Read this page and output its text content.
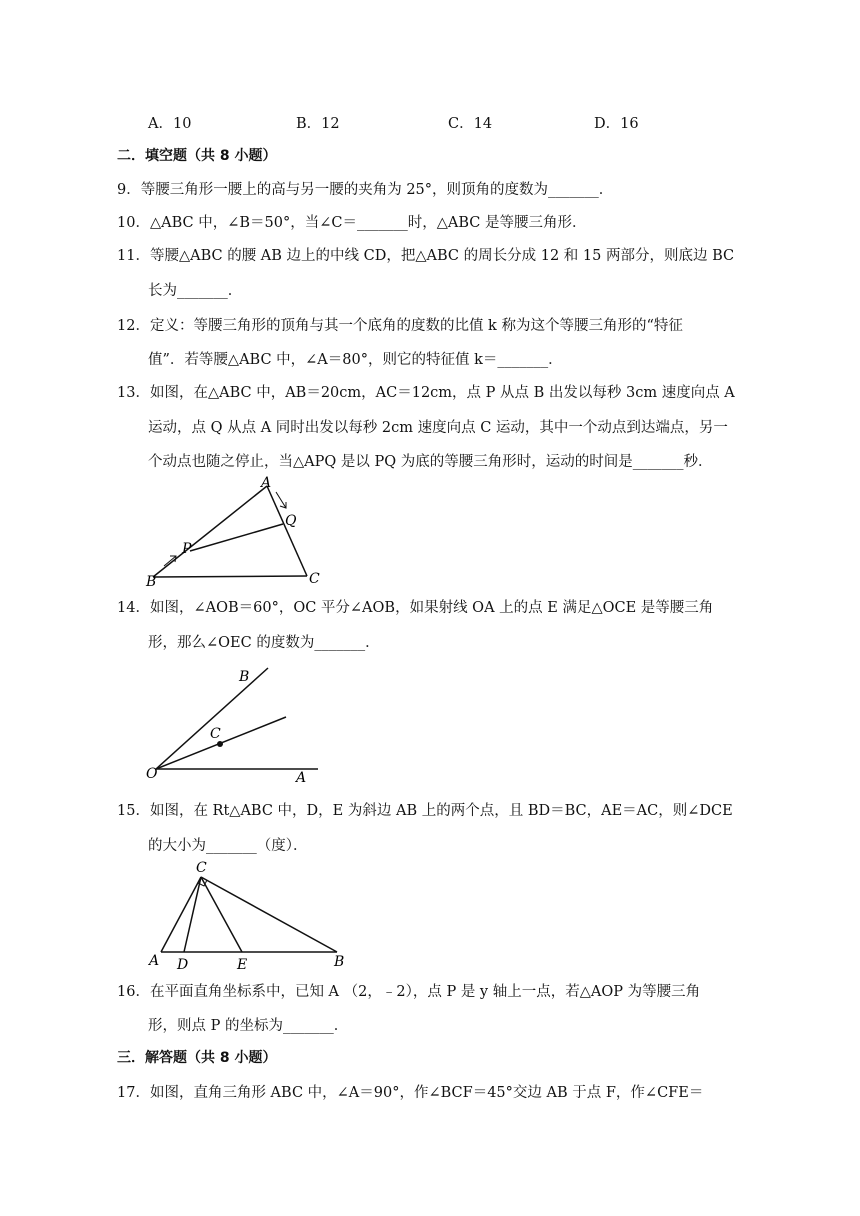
A．10	B．12	C．14	D．16
二．填空题（共 8 小题）
9．等腰三角形一腰上的高与另一腰的夹角为 25°，则顶角的度数为_______．
10．△ABC 中，∠B＝50°，当∠C＝_______时，△ABC 是等腰三角形．
11．等腰△ABC 的腰 AB 边上的中线 CD，把△ABC 的周长分成 12 和 15 两部分，则底边 BC
长为_______．
12．定义：等腰三角形的顶角与其一个底角的度数的比值 k 称为这个等腰三角形的“特征
值”．若等腰△ABC 中，∠A＝80°，则它的特征值 k＝_______．
13．如图，在△ABC 中，AB＝20cm，AC＝12cm，点 P 从点 B 出发以每秒 3cm 速度向点 A
运动，点 Q 从点 A 同时出发以每秒 2cm 速度向点 C 运动，其中一个动点到达端点，另一
个动点也随之停止，当△APQ 是以 PQ 为底的等腰三角形时，运动的时间是_______秒．
A
Q
P
B	C
14．如图，∠AOB＝60°，OC 平分∠AOB，如果射线 OA 上的点 E 满足△OCE 是等腰三角
形，那么∠OEC 的度数为_______．
B
C
O	A
15．如图，在 Rt△ABC 中，D，E 为斜边 AB 上的两个点，且 BD＝BC，AE＝AC，则∠DCE
的大小为_______（度）．
C
A D	E	B
16．在平面直角坐标系中，已知 A （2，﹣2），点 P 是 y 轴上一点，若△AOP 为等腰三角
形，则点 P 的坐标为_______．
三．解答题（共 8 小题）
17．如图，直角三角形 ABC 中，∠A＝90°，作∠BCF＝45°交边 AB 于点 F，作∠CFE＝
